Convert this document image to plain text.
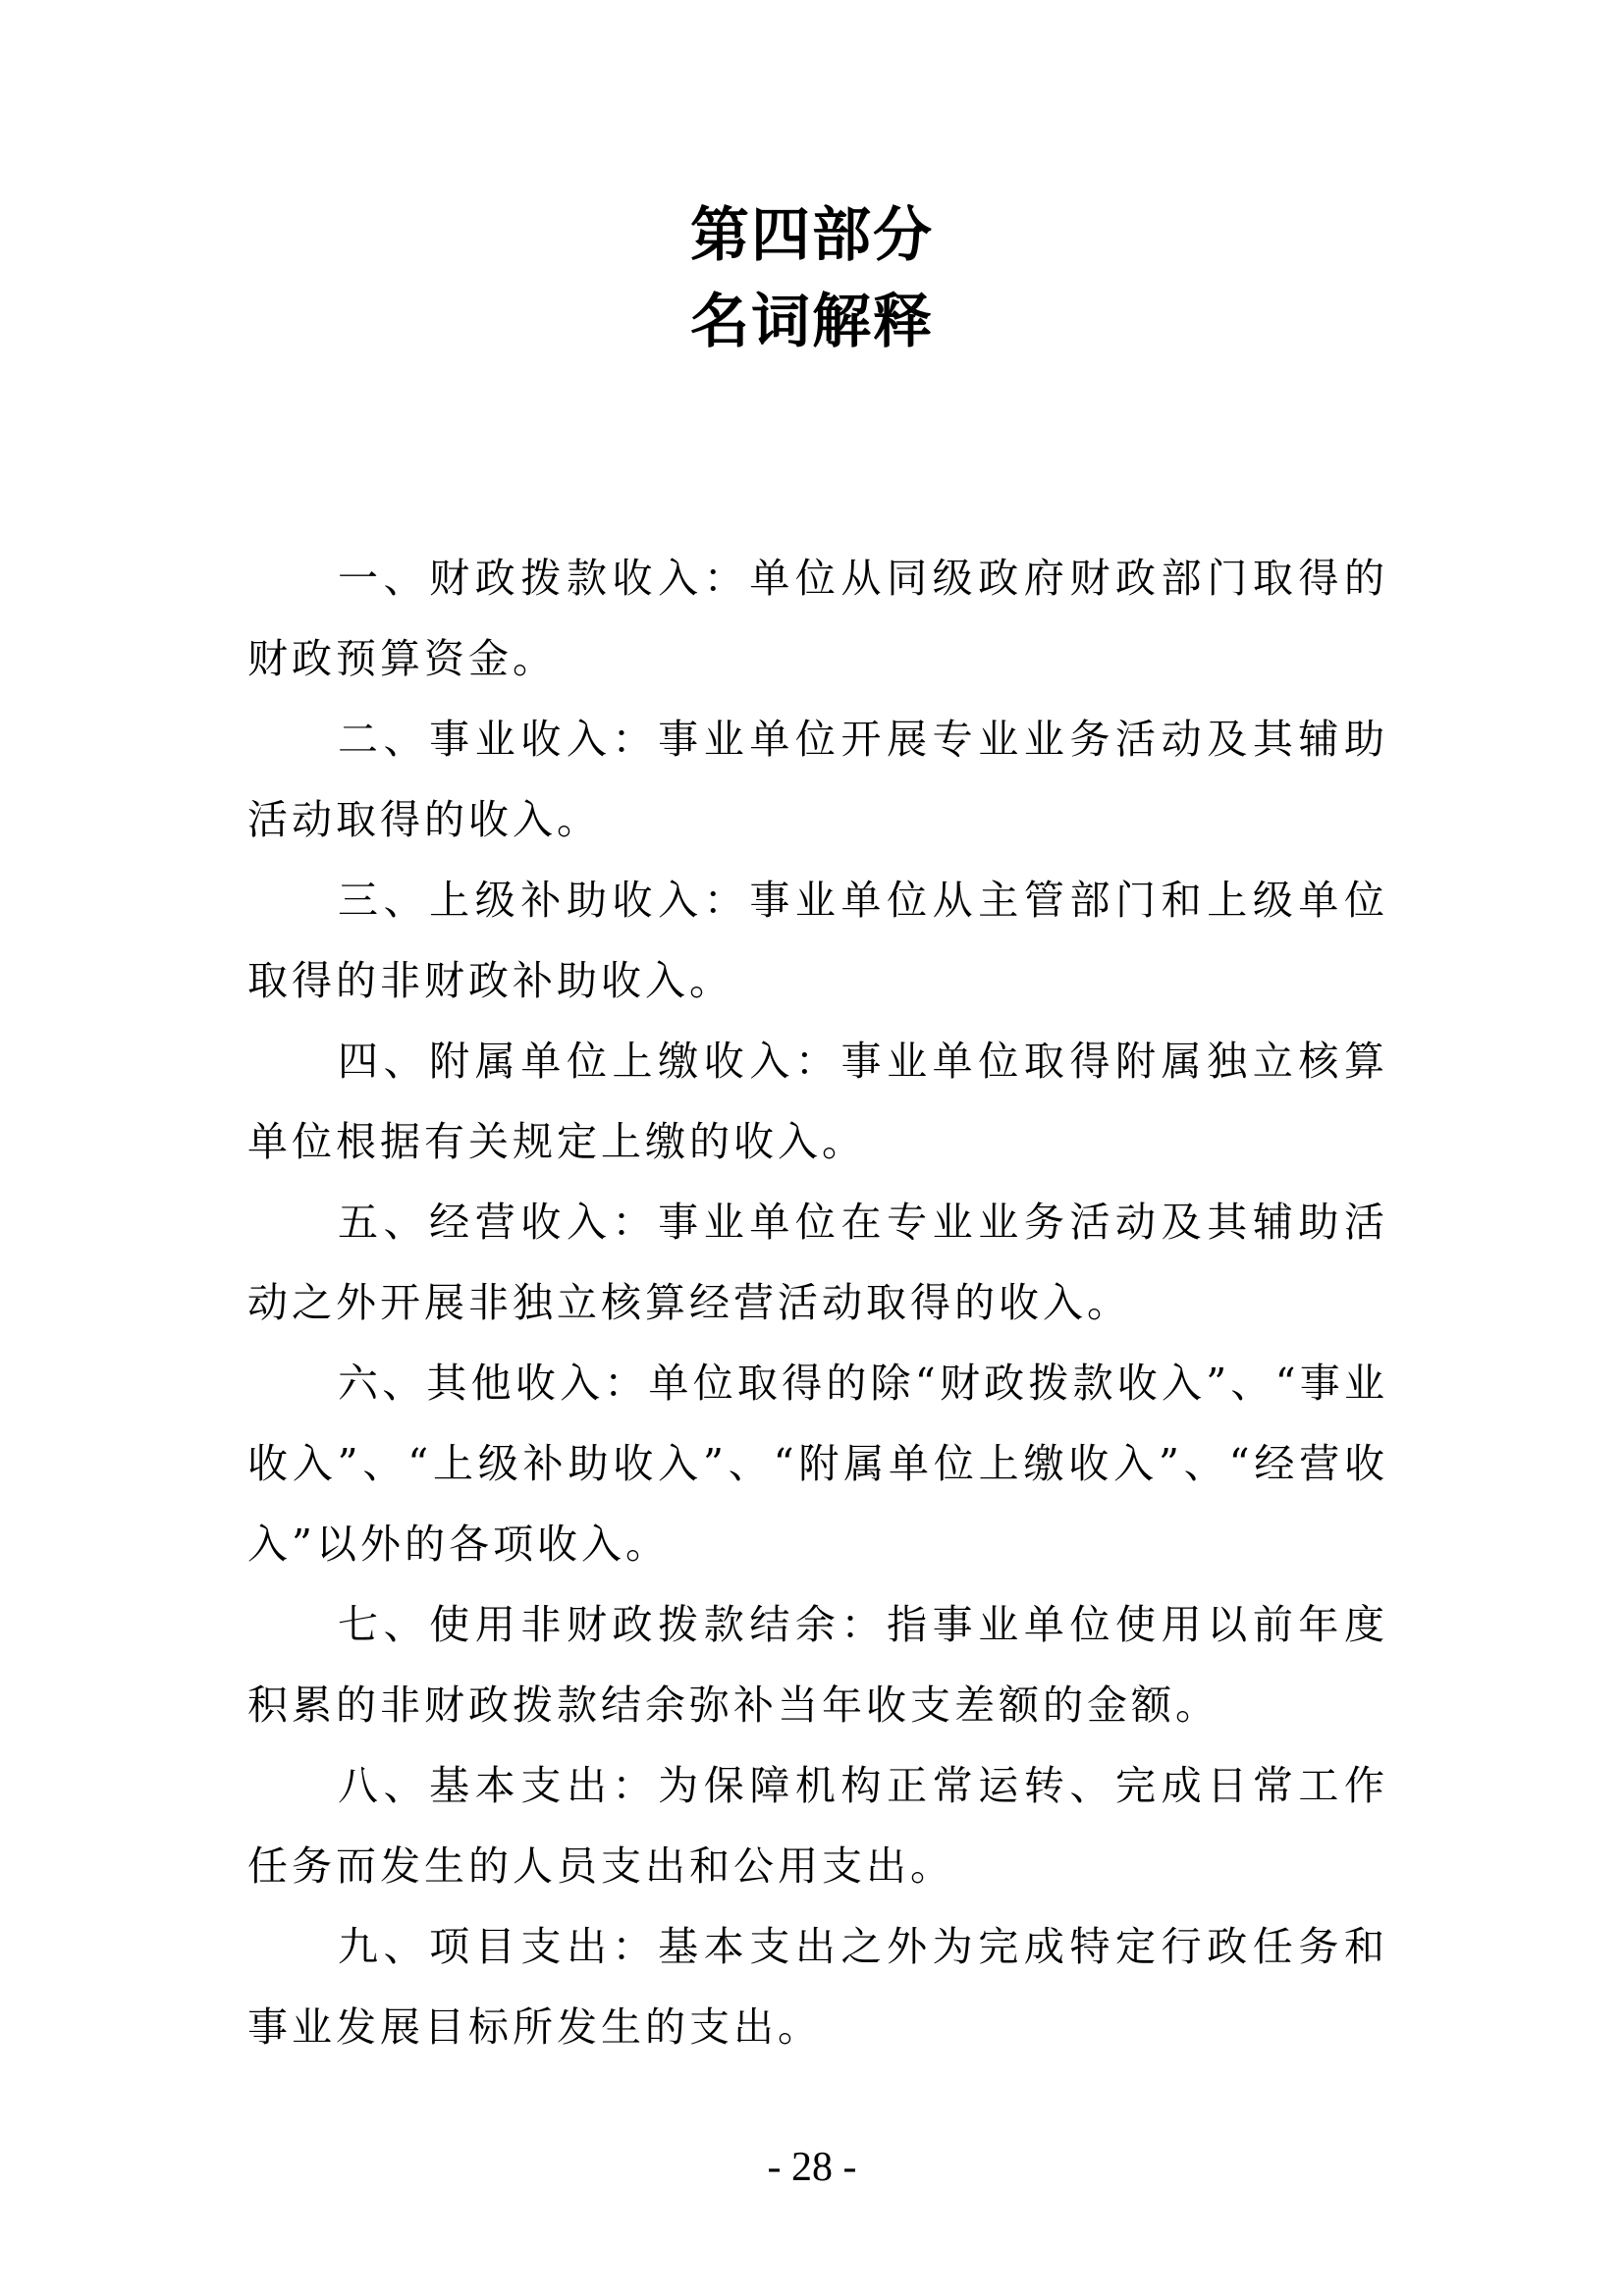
第四部分
名词解释

一、财政拨款收入：单位从同级政府财政部门取得的财政预算资金。

二、事业收入：事业单位开展专业业务活动及其辅助活动取得的收入。

三、上级补助收入：事业单位从主管部门和上级单位取得的非财政补助收入。

四、附属单位上缴收入：事业单位取得附属独立核算单位根据有关规定上缴的收入。

五、经营收入：事业单位在专业业务活动及其辅助活动之外开展非独立核算经营活动取得的收入。

六、其他收入：单位取得的除“财政拨款收入”、“事业收入”、“上级补助收入”、“附属单位上缴收入”、“经营收入”以外的各项收入。

七、使用非财政拨款结余：指事业单位使用以前年度积累的非财政拨款结余弥补当年收支差额的金额。

八、基本支出：为保障机构正常运转、完成日常工作任务而发生的人员支出和公用支出。

九、项目支出：基本支出之外为完成特定行政任务和事业发展目标所发生的支出。

- 28 -
